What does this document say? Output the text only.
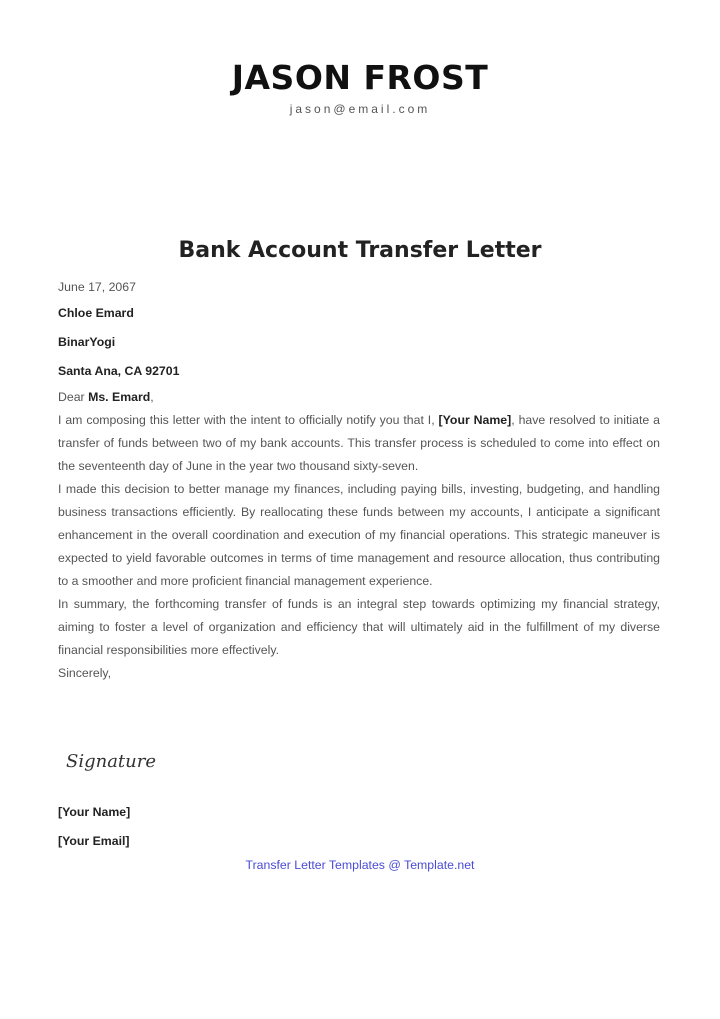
JASON FROST
jason@email.com
Bank Account Transfer Letter

June 17, 2067

Chloe Emard

BinarYogi

Santa Ana, CA 92701

Dear Ms. Emard,

I am composing this letter with the intent to officially notify you that I, [Your Name], have resolved to initiate a transfer of funds between two of my bank accounts. This transfer process is scheduled to come into effect on the seventeenth day of June in the year two thousand sixty-seven.

I made this decision to better manage my finances, including paying bills, investing, budgeting, and handling business transactions efficiently. By reallocating these funds between my accounts, I anticipate a significant enhancement in the overall coordination and execution of my financial operations. This strategic maneuver is expected to yield favorable outcomes in terms of time management and resource allocation, thus contributing to a smoother and more proficient financial management experience.

In summary, the forthcoming transfer of funds is an integral step towards optimizing my financial strategy, aiming to foster a level of organization and efficiency that will ultimately aid in the fulfillment of my diverse financial responsibilities more effectively.

Sincerely,

Signature
[Your Name]
[Your Email]
Transfer Letter Templates @ Template.net
